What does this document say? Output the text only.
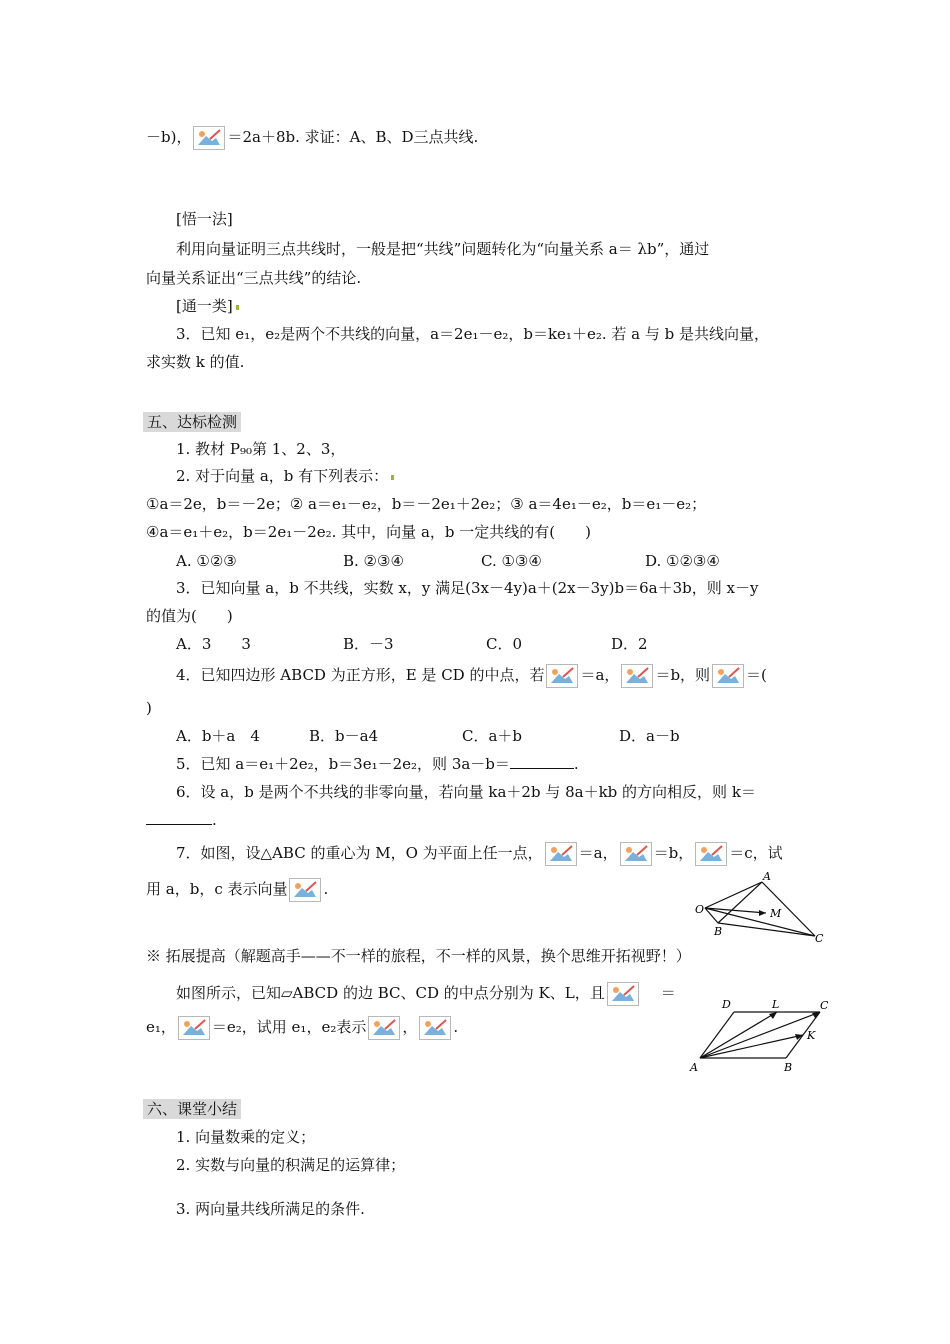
－b)， ＝2a＋8b. 求证：A、B、D三点共线.
[悟一法]
利用向量证明三点共线时，一般是把“共线”问题转化为“向量关系 a＝ λb”，通过
向量关系证出“三点共线”的结论.
[通一类]
3．已知 e₁，e₂是两个不共线的向量，a＝2e₁－e₂，b＝ke₁＋e₂. 若 a 与 b 是共线向量，
求实数 k 的值.
五、达标检测
1. 教材 P₉₀第 1、2、3，
2. 对于向量 a，b 有下列表示：
①a＝2e，b＝－2e；② a＝e₁－e₂，b＝－2e₁＋2e₂；③ a＝4e₁－e₂，b＝e₁－e₂；
④a＝e₁＋e₂，b＝2e₁－2e₂. 其中，向量 a，b 一定共线的有(　　)
A. ①②③	B. ②③④	C. ①③④	D. ①②③④
3．已知向量 a，b 不共线，实数 x，y 满足(3x－4y)a＋(2x－3y)b＝6a＋3b，则 x－y
的值为(　　)
A．3　　3	B．－3	C．0	D．2
4．已知四边形 ABCD 为正方形，E 是 CD 的中点，若 ＝a， ＝b，则 ＝(
)
A．b＋a　4	B．b－a4	C．a＋b	D．a－b
5．已知 a＝e₁＋2e₂，b＝3e₁－2e₂，则 3a－b＝	.
6．设 a，b 是两个不共线的非零向量，若向量 ka＋2b 与 8a＋kb 的方向相反，则 k＝
.
7．如图，设△ABC 的重心为 M，O 为平面上任一点， ＝a， ＝b， ＝c，试
用 a，b，c 表示向量 .
A
B
C
O	M
※ 拓展提高（解题高手——不一样的旅程，不一样的风景，换个思维开拓视野！）
如图所示，已知▱ABCD 的边 BC、CD 的中点分别为 K、L，且	＝
e₁， ＝e₂，试用 e₁，e₂表示 ， .
D	L	C
K
A	B
六、课堂小结
1. 向量数乘的定义；
2. 实数与向量的积满足的运算律；
3. 两向量共线所满足的条件.
